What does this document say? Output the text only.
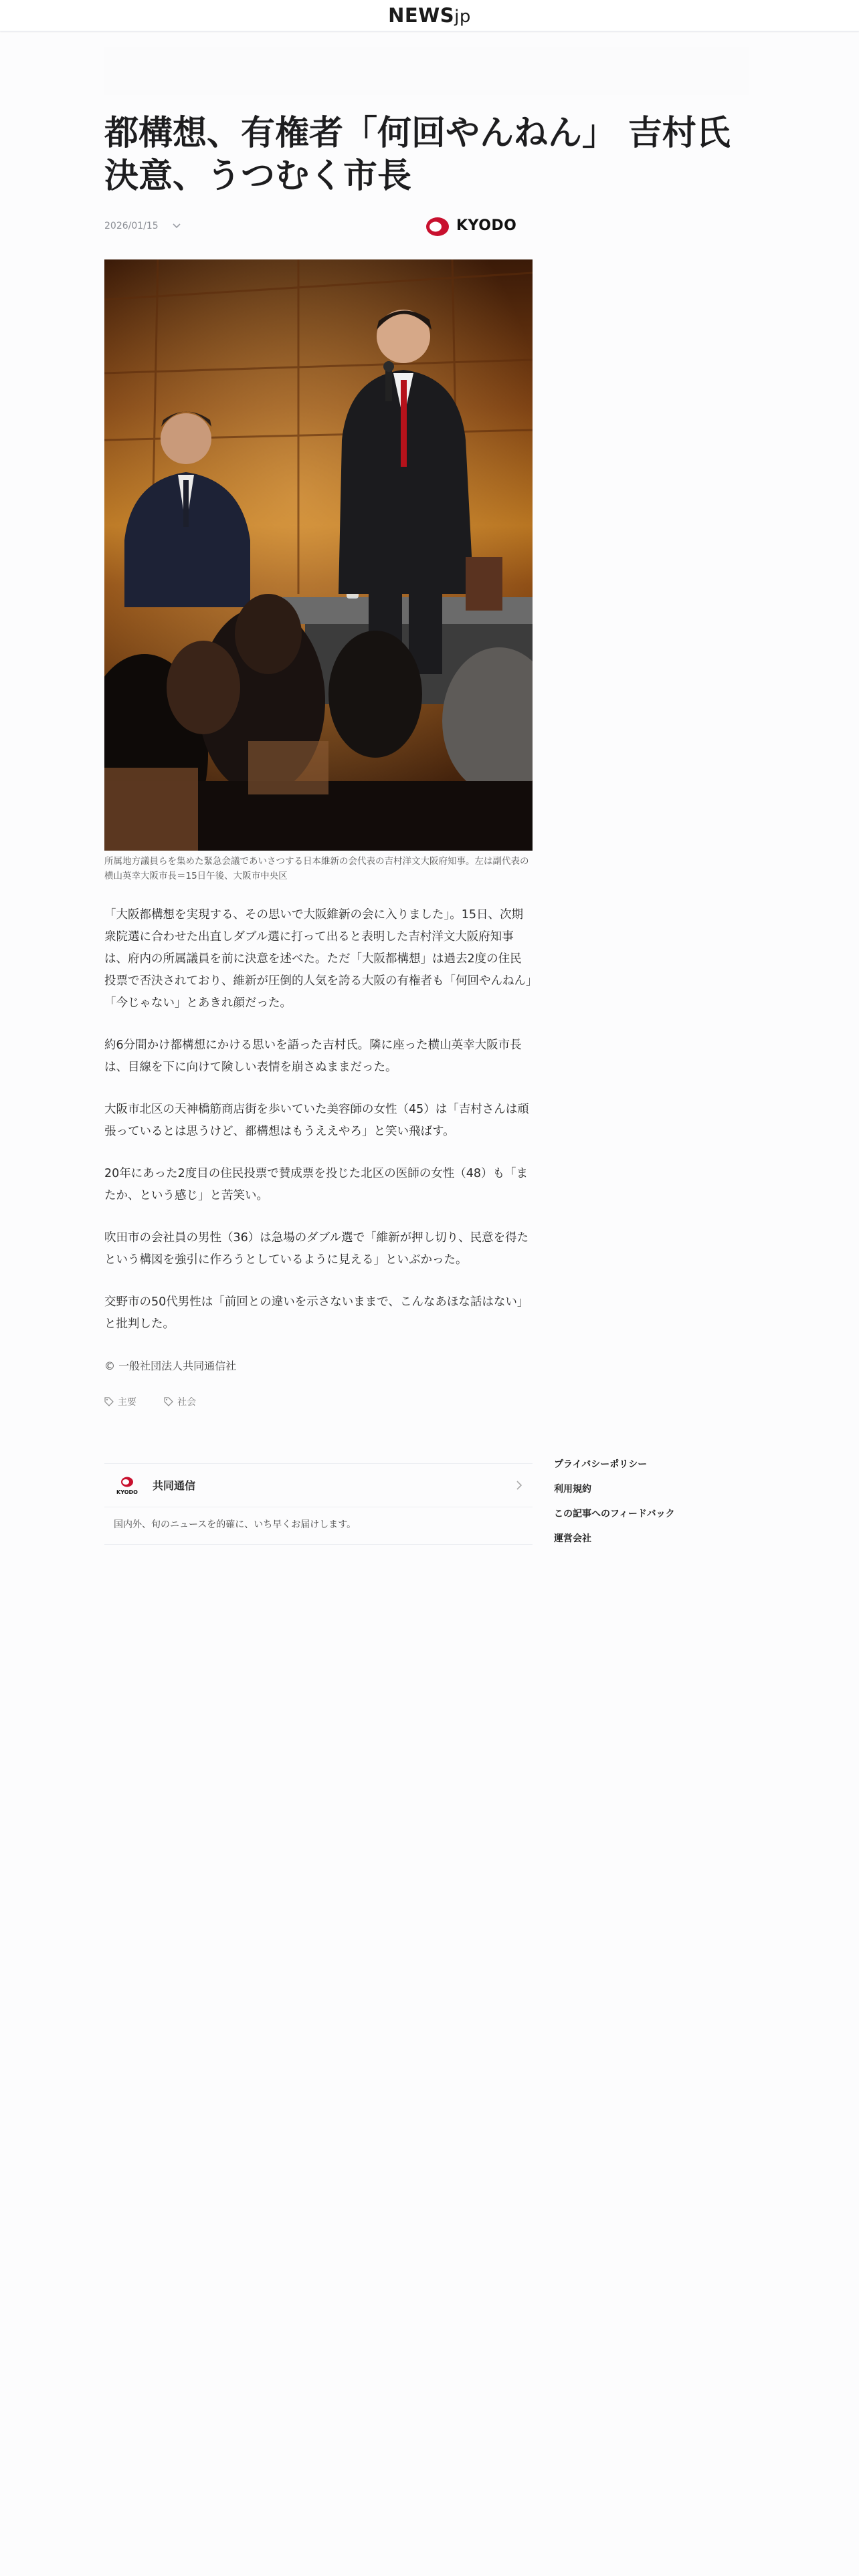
NEWSjp
都構想、有権者「何回やんねん」 吉村氏決意、うつむく市長
2026/01/15	KYODO
所属地方議員らを集めた緊急会議であいさつする日本維新の会代表の吉村洋文大阪府知事。左は副代表の横山英幸大阪市長＝15日午後、大阪市中央区

「大阪都構想を実現する、その思いで大阪維新の会に入りました」。15日、次期衆院選に合わせた出直しダブル選に打って出ると表明した吉村洋文大阪府知事は、府内の所属議員を前に決意を述べた。ただ「大阪都構想」は過去2度の住民投票で否決されており、維新が圧倒的人気を誇る大阪の有権者も「何回やんねん」「今じゃない」とあきれ顔だった。

約6分間かけ都構想にかける思いを語った吉村氏。隣に座った横山英幸大阪市長は、目線を下に向けて険しい表情を崩さぬままだった。

大阪市北区の天神橋筋商店街を歩いていた美容師の女性（45）は「吉村さんは頑張っているとは思うけど、都構想はもうええやろ」と笑い飛ばす。

20年にあった2度目の住民投票で賛成票を投じた北区の医師の女性（48）も「またか、という感じ」と苦笑い。

吹田市の会社員の男性（36）は急場のダブル選で「維新が押し切り、民意を得たという構図を強引に作ろうとしているように見える」といぶかった。

交野市の50代男性は「前回との違いを示さないままで、こんなあほな話はない」と批判した。

© 一般社団法人共同通信社
主要
	社会
KYODO
共同通信
国内外、旬のニュースを的確に、いち早くお届けします。
プライバシーポリシー
利用規約
この記事へのフィードバック
運営会社
